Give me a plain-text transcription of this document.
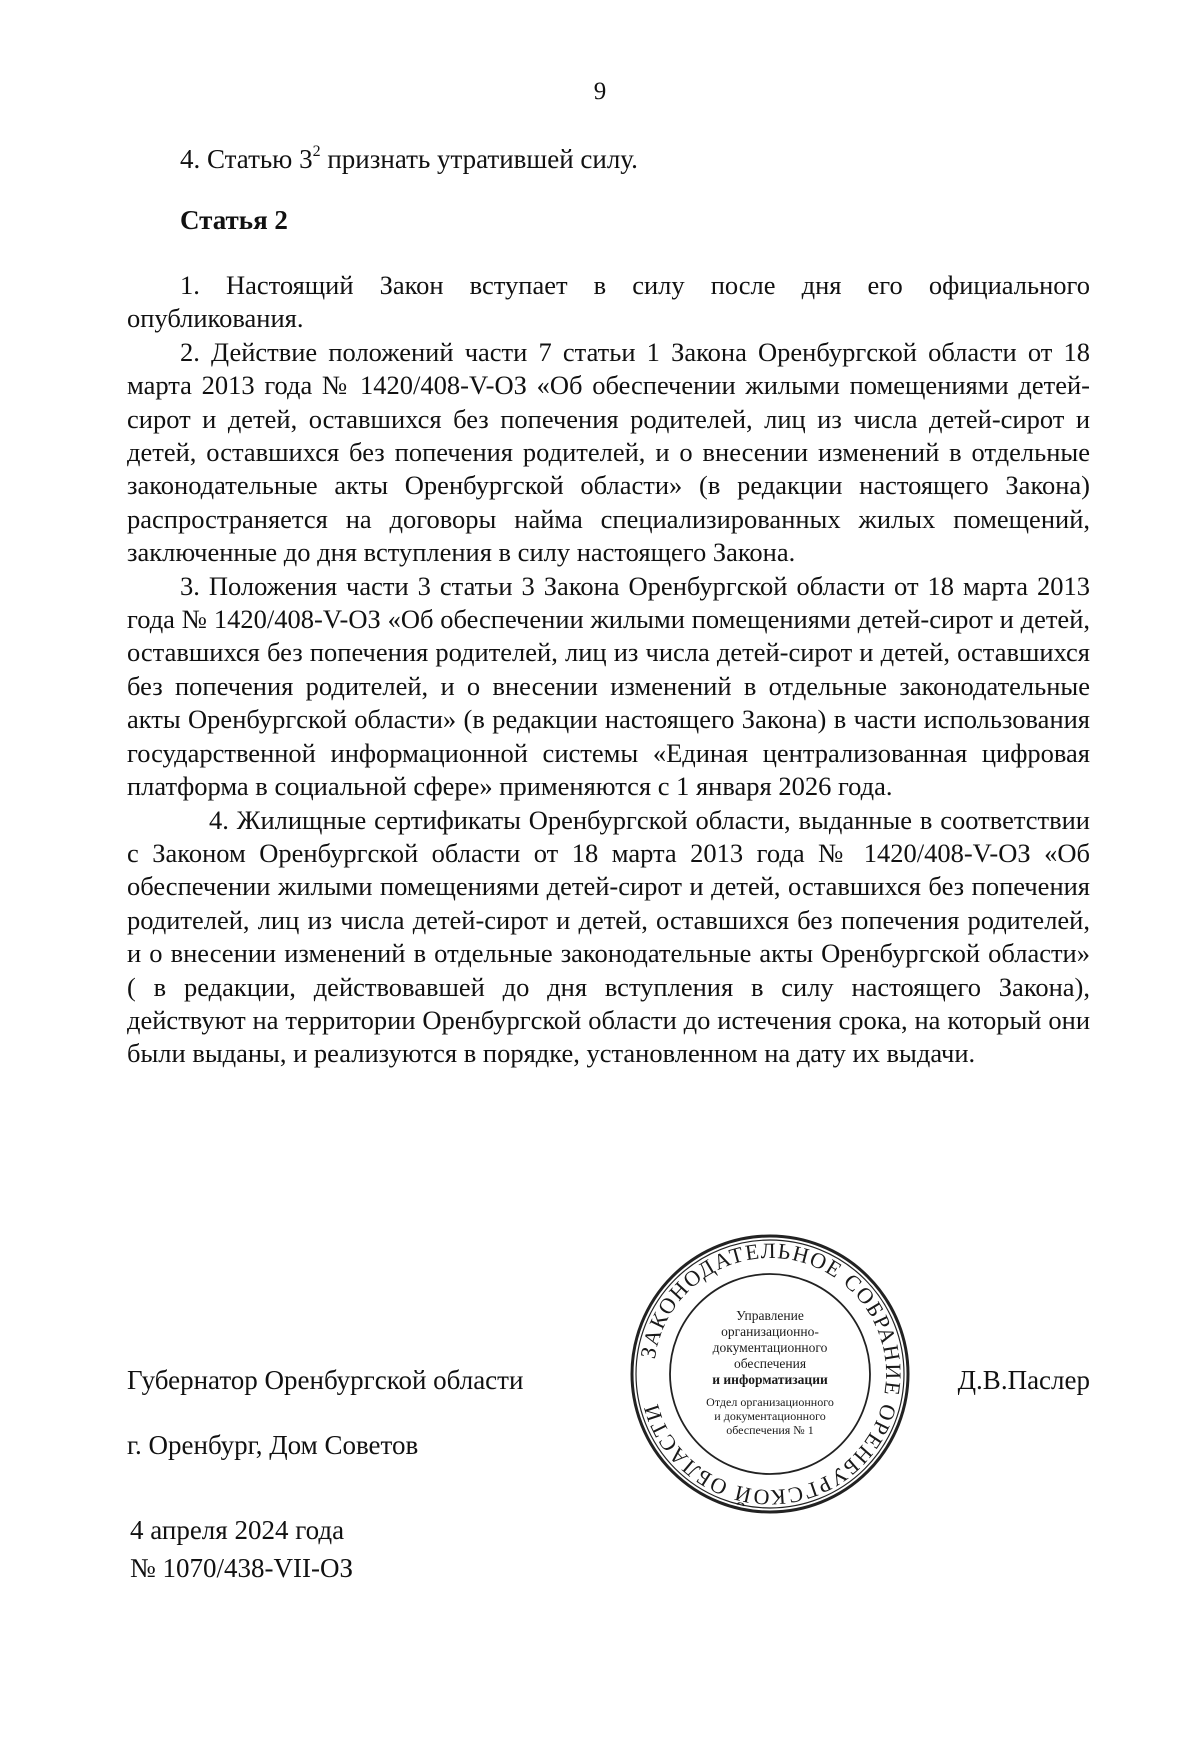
9
4. Статью $3^2$ признать утратившей силу.
Статья 2

1. Настоящий Закон вступает в силу после дня его официального опубликования.

2. Действие положений части 7 статьи 1 Закона Оренбургской области от 18 марта 2013 года № 1420/408-V-ОЗ «Об обеспечении жилыми помещениями детей-сирот и детей, оставшихся без попечения родителей, лиц из числа детей-сирот и детей, оставшихся без попечения родителей, и о внесении изменений в отдельные законодательные акты Оренбургской области» (в редакции настоящего Закона) распространяется на договоры найма специализированных жилых помещений, заключенные до дня вступления в силу настоящего Закона.

3. Положения части 3 статьи 3 Закона Оренбургской области от 18 марта 2013 года № 1420/408-V-ОЗ «Об обеспечении жилыми помещениями детей-сирот и детей, оставшихся без попечения родителей, лиц из числа детей-сирот и детей, оставшихся без попечения родителей, и о внесении изменений в отдельные законодательные акты Оренбургской области» (в редакции настоящего Закона) в части использования государственной информационной системы «Единая централизованная цифровая платформа в социальной сфере» применяются с 1 января 2026 года.

4. Жилищные сертификаты Оренбургской области, выданные в соответствии с Законом Оренбургской области от 18 марта 2013 года № 1420/408-V-ОЗ «Об обеспечении жилыми помещениями детей-сирот и детей, оставшихся без попечения родителей, лиц из числа детей-сирот и детей, оставшихся без попечения родителей, и о внесении изменений в отдельные законодательные акты Оренбургской области» ( в редакции, действовавшей до дня вступления в силу настоящего Закона), действуют на территории Оренбургской области до истечения срока, на который они были выданы, и реализуются в порядке, установленном на дату их выдачи.

ЗАКОНОДАТЕЛЬНОЕ СОБРАНИЕ ОРЕНБУРГСКОЙ ОБЛАСТИ
Управление
организационно-
документационного
обеспечения
и информатизации
Отдел организационного
и документационного
обеспечения № 1
Губернатор Оренбургской области	Д.В.Паслер
г. Оренбург, Дом Советов
4 апреля 2024 года
№ 1070/438-VII-ОЗ
